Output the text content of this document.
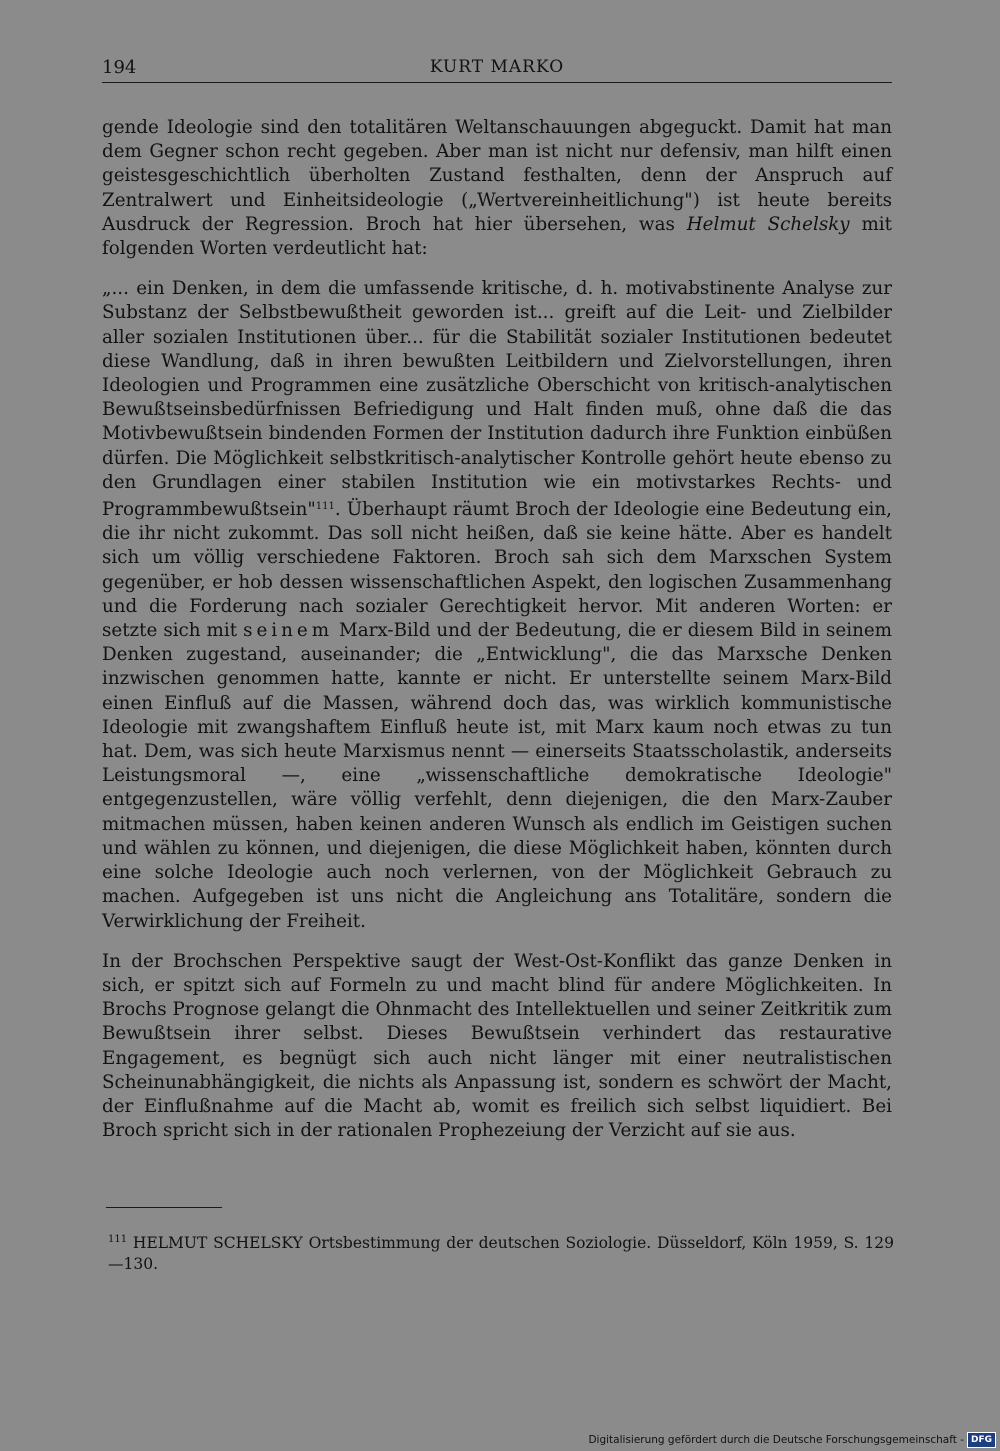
194	KURT MARKO

gende Ideologie sind den totalitären Weltanschauungen abgeguckt. Damit hat man dem Gegner schon recht gegeben. Aber man ist nicht nur defensiv, man hilft einen geistesgeschichtlich überholten Zustand festhalten, denn der Anspruch auf Zentralwert und Einheitsideologie („Wertvereinheitlichung") ist heute bereits Ausdruck der Regression. Broch hat hier übersehen, was Helmut Schelsky mit folgenden Worten verdeutlicht hat:

„... ein Denken, in dem die umfassende kritische, d. h. motivabstinente Analyse zur Substanz der Selbstbewußtheit geworden ist... greift auf die Leit- und Zielbilder aller sozialen Institutionen über... für die Stabilität sozialer Institutionen bedeutet diese Wandlung, daß in ihren bewußten Leitbildern und Zielvorstellungen, ihren Ideologien und Programmen eine zusätzliche Oberschicht von kritisch-analytischen Bewußtseinsbedürfnissen Befriedigung und Halt finden muß, ohne daß die das Motivbewußtsein bindenden Formen der Institution dadurch ihre Funktion einbüßen dürfen. Die Möglichkeit selbstkritisch-analytischer Kontrolle gehört heute ebenso zu den Grundlagen einer stabilen Institution wie ein motivstarkes Rechts- und Programmbewußtsein"$^{111}$. Überhaupt räumt Broch der Ideologie eine Bedeutung ein, die ihr nicht zukommt. Das soll nicht heißen, daß sie keine hätte. Aber es handelt sich um völlig verschiedene Faktoren. Broch sah sich dem Marxschen System gegenüber, er hob dessen wissenschaftlichen Aspekt, den logischen Zusammenhang und die Forderung nach sozialer Gerechtigkeit hervor. Mit anderen Worten: er setzte sich mit seinem Marx-Bild und der Bedeutung, die er diesem Bild in seinem Denken zugestand, auseinander; die „Entwicklung", die das Marxsche Denken inzwischen genommen hatte, kannte er nicht. Er unterstellte seinem Marx-Bild einen Einfluß auf die Massen, während doch das, was wirklich kommunistische Ideologie mit zwangshaftem Einfluß heute ist, mit Marx kaum noch etwas zu tun hat. Dem, was sich heute Marxismus nennt — einerseits Staatsscholastik, anderseits Leistungsmoral —, eine „wissenschaftliche demokratische Ideologie" entgegenzustellen, wäre völlig verfehlt, denn diejenigen, die den Marx-Zauber mitmachen müssen, haben keinen anderen Wunsch als endlich im Geistigen suchen und wählen zu können, und diejenigen, die diese Möglichkeit haben, könnten durch eine solche Ideologie auch noch verlernen, von der Möglichkeit Gebrauch zu machen. Aufgegeben ist uns nicht die Angleichung ans Totalitäre, sondern die Verwirklichung der Freiheit.

In der Brochschen Perspektive saugt der West-Ost-Konflikt das ganze Denken in sich, er spitzt sich auf Formeln zu und macht blind für andere Möglichkeiten. In Brochs Prognose gelangt die Ohnmacht des Intellektuellen und seiner Zeitkritik zum Bewußtsein ihrer selbst. Dieses Bewußtsein verhindert das restaurative Engagement, es begnügt sich auch nicht länger mit einer neutralistischen Scheinunabhängigkeit, die nichts als Anpassung ist, sondern es schwört der Macht, der Einflußnahme auf die Macht ab, womit es freilich sich selbst liquidiert. Bei Broch spricht sich in der rationalen Prophezeiung der Verzicht auf sie aus.

$^{111}$ HELMUT SCHELSKY Ortsbestimmung der deutschen Soziologie. Düsseldorf, Köln 1959, S. 129—130.
Digitalisierung gefördert durch die Deutsche Forschungsgemeinschaft - DFG
